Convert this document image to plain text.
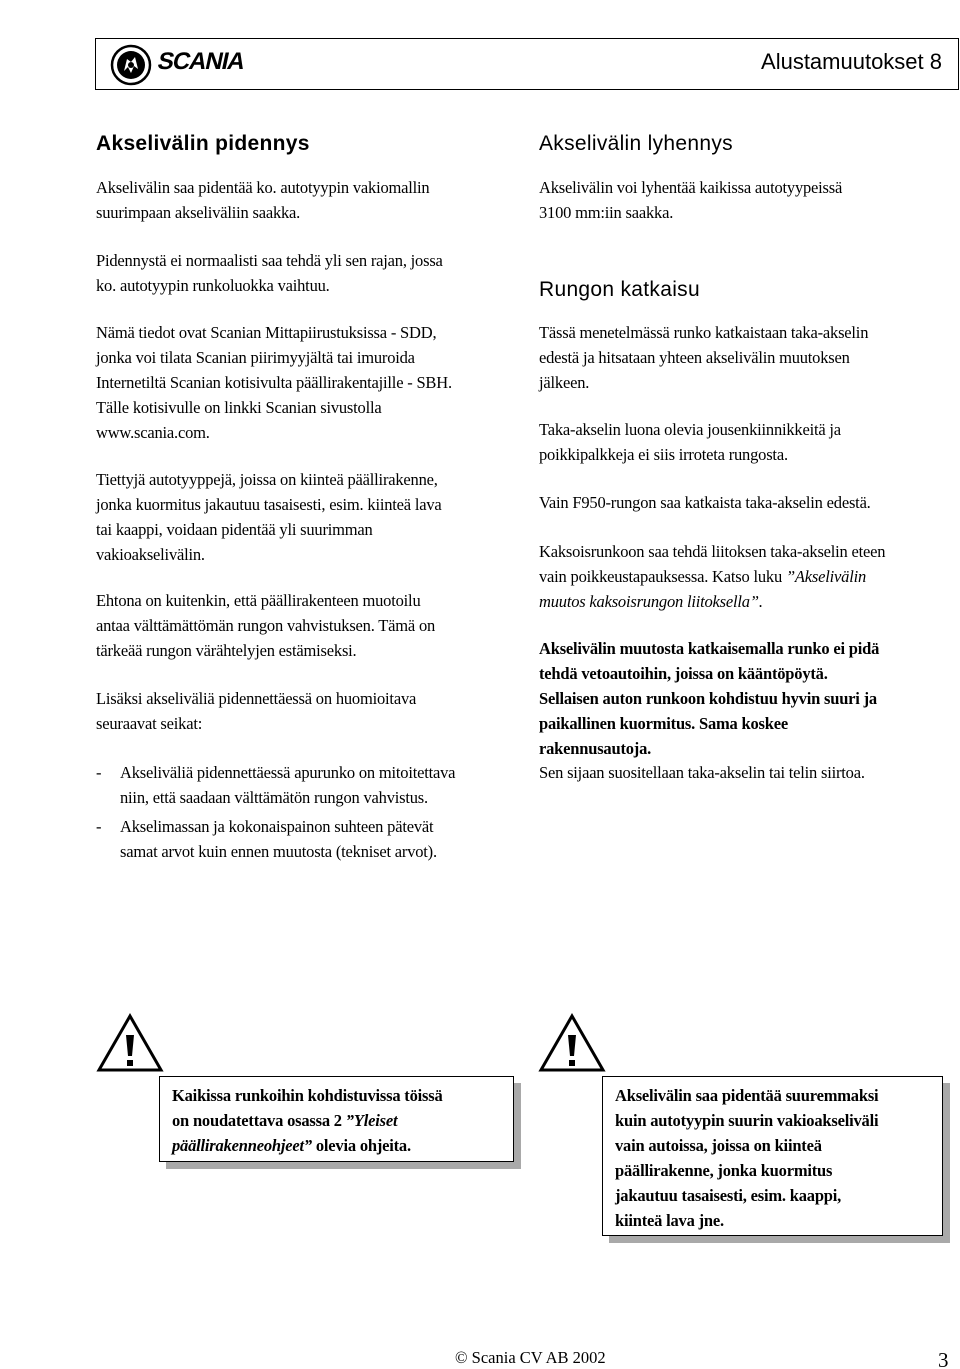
SCANIA	Alustamuutokset 8
Akselivälin pidennys
Akselivälin saa pidentää ko. autotyypin vakiomallin
suurimpaan akseliväliin saakka.
Pidennystä ei normaalisti saa tehdä yli sen rajan, jossa
ko. autotyypin runkoluokka vaihtuu.
Nämä tiedot ovat Scanian Mittapiirustuksissa - SDD,
jonka voi tilata Scanian piirimyyjältä tai imuroida
Internetiltä Scanian kotisivulta päällirakentajille - SBH.
Tälle kotisivulle on linkki Scanian sivustolla
www.scania.com.
Tiettyjä autotyyppejä, joissa on kiinteä päällirakenne,
jonka kuormitus jakautuu tasaisesti, esim. kiinteä lava
tai kaappi, voidaan pidentää yli suurimman
vakioakselivälin.
Ehtona on kuitenkin, että päällirakenteen muotoilu
antaa välttämättömän rungon vahvistuksen. Tämä on
tärkeää rungon värähtelyjen estämiseksi.
Lisäksi akseliväliä pidennettäessä on huomioitava
seuraavat seikat:
- Akseliväliä pidennettäessä apurunko on mitoitettava
niin, että saadaan välttämätön rungon vahvistus.
- Akselimassan ja kokonaispainon suhteen pätevät
samat arvot kuin ennen muutosta (tekniset arvot).
Akselivälin lyhennys
Akselivälin voi lyhentää kaikissa autotyypeissä
3100 mm:iin saakka.
Rungon katkaisu
Tässä menetelmässä runko katkaistaan taka-akselin
edestä ja hitsataan yhteen akselivälin muutoksen
jälkeen.
Taka-akselin luona olevia jousenkiinnikkeitä ja
poikkipalkkeja ei siis irroteta rungosta.
Vain F950-rungon saa katkaista taka-akselin edestä.
Kaksoisrunkoon saa tehdä liitoksen taka-akselin eteen
vain poikkeustapauksessa. Katso luku ”Akselivälin
muutos kaksoisrungon liitoksella”.
Akselivälin muutosta katkaisemalla runko ei pidä
tehdä vetoautoihin, joissa on kääntöpöytä.
Sellaisen auton runkoon kohdistuu hyvin suuri ja
paikallinen kuormitus. Sama koskee
rakennusautoja.
Sen sijaan suositellaan taka-akselin tai telin siirtoa.
Kaikissa runkoihin kohdistuvissa töissä
on noudatettava osassa 2 ”Yleiset
päällirakenneohjeet” olevia ohjeita.
Akselivälin saa pidentää suuremmaksi
kuin autotyypin suurin vakioakseliväli
vain autoissa, joissa on kiinteä
päällirakenne, jonka kuormitus
jakautuu tasaisesti, esim. kaappi,
kiinteä lava jne.
© Scania CV AB 2002	3
